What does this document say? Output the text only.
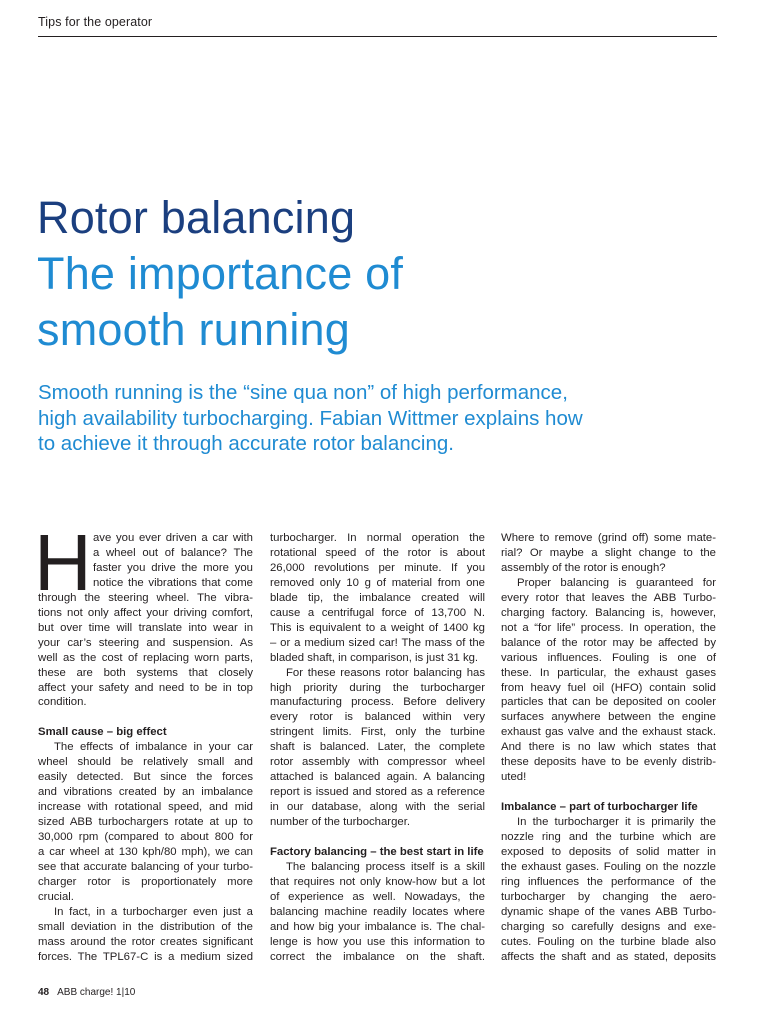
Tips for the operator
Rotor balancing
The importance of
smooth running
Smooth running is the “sine qua non” of high performance,
high availability turbocharging. Fabian Wittmer explains how
to achieve it through accurate rotor balancing.
H ave you ever driven a car with
a wheel out of balance? The
faster you drive the more you
notice the vibrations that come
through the steering wheel. The vibra-
tions not only affect your driving comfort,
but over time will translate into wear in
your car’s steering and suspension. As
well as the cost of replacing worn parts,
these are both systems that closely
affect your safety and need to be in top
condition.
Small cause – big effect
The effects of imbalance in your car
wheel should be relatively small and
easily detected. But since the forces
and vibrations created by an imbalance
increase with rotational speed, and mid
sized ABB turbochargers rotate at up to
30,000 rpm (compared to about 800 for
a car wheel at 130 kph/80 mph), we can
see that accurate balancing of your turbo-
charger rotor is proportionately more
crucial.
In fact, in a turbocharger even just a
small deviation in the distribution of the
mass around the rotor creates significant
forces. The TPL67-C is a medium sized
turbocharger. In normal operation the
rotational speed of the rotor is about
26,000 revolutions per minute. If you
removed only 10 g of material from one
blade tip, the imbalance created will
cause a centrifugal force of 13,700 N.
This is equivalent to a weight of 1400 kg
– or a medium sized car! The mass of the
bladed shaft, in comparison, is just 31 kg.
For these reasons rotor balancing has
high priority during the turbocharger
manufacturing process. Before delivery
every rotor is balanced within very
stringent limits. First, only the turbine
shaft is balanced. Later, the complete
rotor assembly with compressor wheel
attached is balanced again. A balancing
report is issued and stored as a reference
in our database, along with the serial
number of the turbocharger.
Factory balancing – the best start in life
The balancing process itself is a skill
that requires not only know-how but a lot
of experience as well. Nowadays, the
balancing machine readily locates where
and how big your imbalance is. The chal-
lenge is how you use this information to
correct the imbalance on the shaft.
Where to remove (grind off) some mate-
rial? Or maybe a slight change to the
assembly of the rotor is enough?
Proper balancing is guaranteed for
every rotor that leaves the ABB Turbo-
charging factory. Balancing is, however,
not a “for life” process. In operation, the
balance of the rotor may be affected by
various influences. Fouling is one of
these. In particular, the exhaust gases
from heavy fuel oil (HFO) contain solid
particles that can be deposited on cooler
surfaces anywhere between the engine
exhaust gas valve and the exhaust stack.
And there is no law which states that
these deposits have to be evenly distrib-
uted!
Imbalance – part of turbocharger life
In the turbocharger it is primarily the
nozzle ring and the turbine which are
exposed to deposits of solid matter in
the exhaust gases. Fouling on the nozzle
ring influences the performance of the
turbocharger by changing the aero-
dynamic shape of the vanes ABB Turbo-
charging so carefully designs and exe-
cutes. Fouling on the turbine blade also
affects the shaft and as stated, deposits
48 ABB charge! 1|10
